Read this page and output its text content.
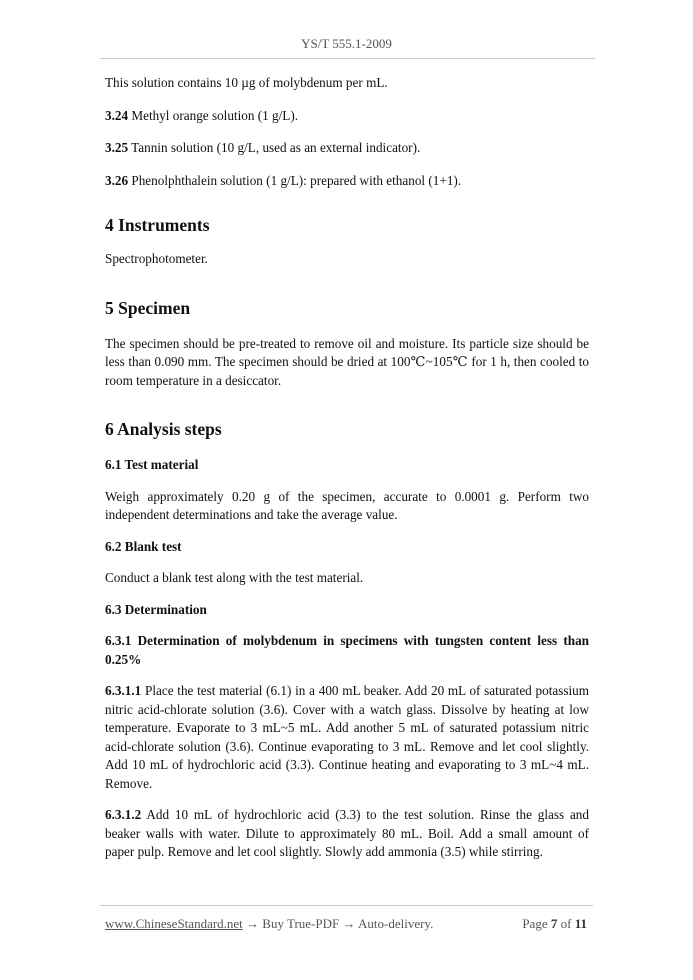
YS/T 555.1-2009

This solution contains 10 µg of molybdenum per mL.

3.24 Methyl orange solution (1 g/L).

3.25 Tannin solution (10 g/L, used as an external indicator).

3.26 Phenolphthalein solution (1 g/L): prepared with ethanol (1+1).

4 Instruments

Spectrophotometer.

5 Specimen

The specimen should be pre-treated to remove oil and moisture. Its particle size should be less than 0.090 mm. The specimen should be dried at 100℃~105℃ for 1 h, then cooled to room temperature in a desiccator.

6 Analysis steps
6.1 Test material

Weigh approximately 0.20 g of the specimen, accurate to 0.0001 g. Perform two independent determinations and take the average value.

6.2 Blank test

Conduct a blank test along with the test material.

6.3 Determination
6.3.1 Determination of molybdenum in specimens with tungsten content less than 0.25%

6.3.1.1 Place the test material (6.1) in a 400 mL beaker. Add 20 mL of saturated potassium nitric acid-chlorate solution (3.6). Cover with a watch glass. Dissolve by heating at low temperature. Evaporate to 3 mL~5 mL. Add another 5 mL of saturated potassium nitric acid-chlorate solution (3.6). Continue evaporating to 3 mL. Remove and let cool slightly. Add 10 mL of hydrochloric acid (3.3). Continue heating and evaporating to 3 mL~4 mL. Remove.

6.3.1.2 Add 10 mL of hydrochloric acid (3.3) to the test solution. Rinse the glass and beaker walls with water. Dilute to approximately 80 mL. Boil. Add a small amount of paper pulp. Remove and let cool slightly. Slowly add ammonia (3.5) while stirring.

www.ChineseStandard.net → Buy True-PDF → Auto-delivery.	Page 7 of 11
